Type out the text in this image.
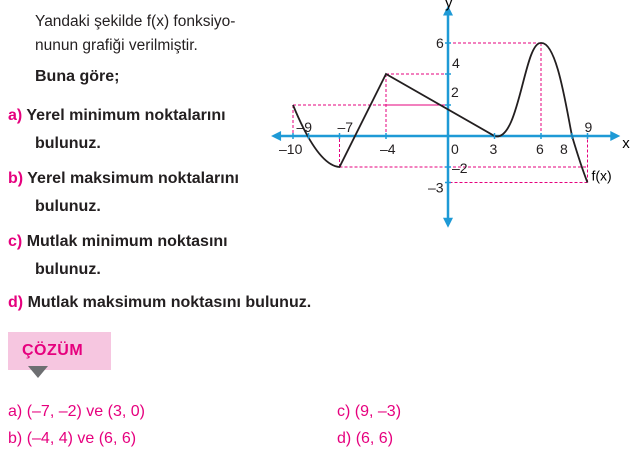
Yandaki şekilde f(x) fonksiyo-
nunun grafiği verilmiştir.
Buna göre;
a) Yerel minimum noktalarını
bulunuz.
b) Yerel maksimum noktalarını
bulunuz.
c) Mutlak minimum noktasını
bulunuz.
d) Mutlak maksimum noktasını bulunuz.
ÇÖZÜM
a) (–7, –2) ve (3, 0)
b) (–4, 4) ve (6, 6)
c) (9, –3)
d) (6, 6)
–10
–9 –7
–4	0 3	6 8
9
6
4
2
–2
–3
x
y
f(x)
